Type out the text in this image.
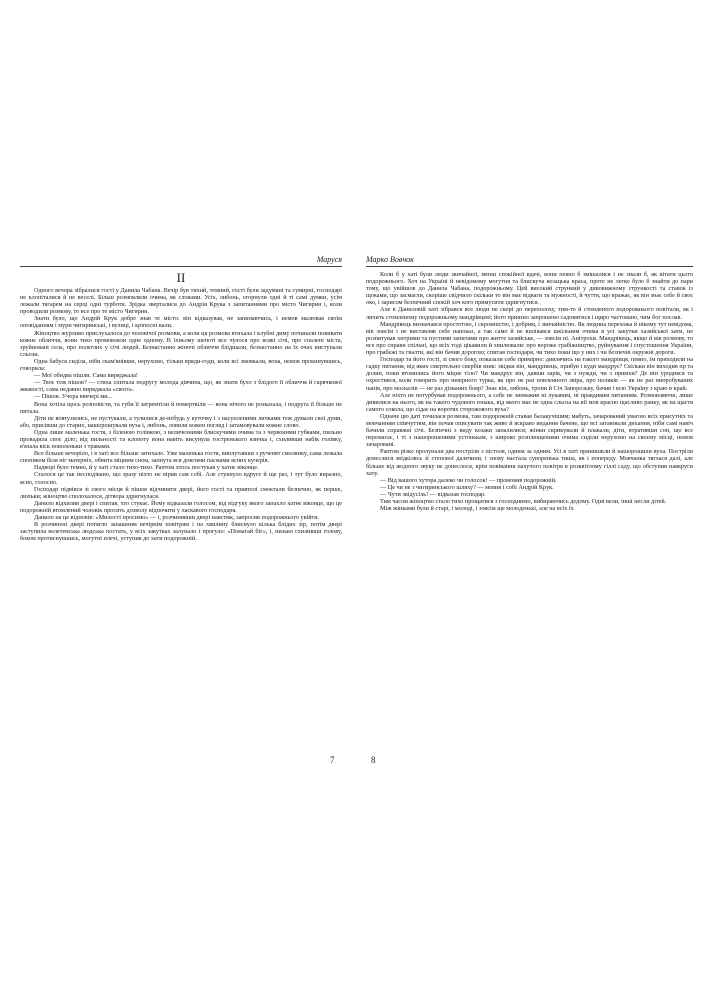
Маруся
II

Одного вечора зібралися гості у Данила Чабана. Вечір був тихий, темний, гості були задумані та сумирні, господарі не клопіталися й не веселі. Більш розмовляли очима, як словами. Усіх, либонь, огорнули одні й ті самі думки, усім лежали тягарем на серці одні турботи. Зрідка зверталися до Андрія Крука з запитаннями про місто Чигирин і, коли проводили розмову, то все про те місто Чигирин.

Знати було, що Андрій Крук добре знав те місто: він відказував, не запинаючись, і немов малював своїм оповіданням і мури чигиринські, і вулиці, і кріпосні вали.

Жіноцтво журливо прислухалося до чоловічої розмови, а коли ця розмова втихала і клубні диму починали повивати кожне обличчя, вони тихо промовляли одне одному. В їхньому шепоті все чулося про всякі січі, про спалені міста, зруйновані села, про полеглих у січі людей. Безнастанно жіночі обличчя блідшали, безнастанно на їх очах виступали сльози.

Одна бабуся сиділа, ніби скам'янівши, нерухомо, тільки вряди-годи, коли всі змовкали, вона, немов прокинувшись, говорила:

— Мої обидва пішли. Сама виряджала!

— Твоє теж пішов? — стиха спитала подругу молода дівчина, що, як знати було з блідого її обличчя й гарячкової жвавості, сама недавно виряджала «свого».

— Пішов. Учора ввечері ми...

Вона хотіла щось розповісти, та губи її затремтіли й помертвіли — вона нічого не розказала, і подруга її більше не питала.

Діти не вовтузились, не пустували, а тулилися де-небудь у куточку і з насупленими личками теж думали свої думи, або, присівши до старих, нашорошували вуха і, либонь, ловили кожен погляд і затамовували кожне слово.

Одна лише маленька гостя, з біленою голівкою, з величезними блискучими очима та з червоними губками, пильно провадила своє діло; від пильності та клопоту вона навіть висунула гостренького язичка і, схиливши набік голівку, в'язала віск поволеньки з травами.

Все більше вечоріло, і в хаті все більше затихало. Уже маленька гостя, виплутавши з рученят смолянку, сама лежала снопиком біля ніг матерніх, обвита міцним сном, запнута вся довгими пасмами ясних кучерів.

Надворі було темно, й у хаті стало тихо-тихо. Раптом хтось постукав у хатнє віконце.

Сталося це так несподівано, що зразу ніхто не вірив сам собі. Але стукнуло вдруге й ще раз, і тут було виразно, ясно, голосно.

Господар підвівся зі свого місця й пішов відчинити двері, його гості та приятелі смоктали безпечно, як перше, люльки; жіноцтво сполохалося, дітвора здригнулася.

Данило відхилив двері і спитав, хто стукає. Йому відказали голосом, від відгуку якого запахло хатнє віконце, що це подорожній втомлений чоловік просить дозволу відпочити у ласкавого господаря.

Данило на це відповів: «Милості просимо» — і, розчинивши двері навстяж, запросив подорожнього увійти.

В розчинені двері потягло запашним вечірнім повітрям і на хвилину блиснуло кілька блідих зір, потім двері заступила велетенська людська постать, у всіх закутках залунало і прогуло: «Помагай біг», і, низько схиливши голову, боком протиснувшись, могутні плечі, уступив до хати подорожній.

7
Марко Вовчок

Коли б у хаті були люди звичайної, менш спокійної вдачі, вони певно б змішалися і не знали б, як вітати цього подорожнього. Хоч на Україні й невідомому могутня та блискуча козацька краса, проте не легко було б знайти до пари тому, що увійшов до Данила Чабана, подорожньому. Цей високий стрункий у дивовижному стрункості та ставок із щоками, що засмагли, скоріше свідчило скільки то він має відваги та мужності, й чуття, що вражає, як він знає себе й своє око, і зарисом безпечний спокій хоч кого примусити здригнутися.

Але в Даниловій хаті зібрався все люди не скорі до переполоху, тим-то й стомленого подорожнього повітали, як і личить стомленому подорожньому мандрівцеві; його приязно запрошено садовитися і щиро частовано, чим бог послав.

Мандрівець визначався простотою, і скромністю, і добрим, і звичайністю. Як людина перехожа й нікому тут невідома, вів зовсім і не виставляв себе напоказ, а так само й не вплівався шкільним очима в усі закутки хазяйської хати, не розпитував хитрими та пустими запитами про житте хазяйське, — зовсім ні. Анітрохи. Мандрівець, якщо й вів розмову, то все про справи спільні, що всіх тоді цікавили й хвилювали: про вороже грабіжництво, руйнування і спустошення України, про грабежі та гвалти, які він бачив дорогою; спитав господаря, чи тихо поки що у них і чи безпечні окружні дороги.

Господар та його гості, зі свого боку, показали себе примірно: дивлячись на такого мандрівця, певно, їм приходили на гадку питання, від яких смертельно свербів язик: звідки він, мандрівець, прибув і куди мандрує? Скільки він виходив пр та долин, поки втомились його міцне тіло? Чи мандрує він, давши зарік, чи з нужди, чи з примхи? Де він уродився та охрестився, коли говорить про невірного турка, як про не раз повленного звіра, про поляків — як не раз випробуваних панів, про москалів — не раз дізнаних бояр? Знає він, либонь, тропи й Січ Запорозьку, бачив і всю Україну з краю в край.

Але ніхто не потурбував подорожнього, а себе не зневажив ні лукавим, ні правдивим питанням. Розмовляючи, лише дивилися на нього, як на такого чудового юнака, від якого має не одна сльоза на вії мов красно щасливо ранку, як на щастя самого сокола, що сідає на воротях сторожового вуха?

Одначе цю даті точилася розмова, там подорожній ставав балакучішим; мабуть, зачарований увагою всіх присутніх та мовчанням співчуттям, він почав описувати так живо й яскраво видання бачене, що всі затаювали дихання, ніби самі навіч бачили справжні січі. Безпечні з виду козаки запалилися; жінки скрикували й плакали, діти, втративши сон, що все перемагає, і ті з нашорошеними устонькам, з широко розплющеними очима сиділи нерухомо на своєму місці, немов зачаровані.

Раптом різко пролунали два постріли з пістоля, одним за одним. Усі в хаті принишкли й нашорошили вуха. Постріли донеслися звідкілясь зі степової далечини, і знову настала суворенька тиша, як і попереду. Мовчанка тяглася далі, але більше від жодного звуку не донеслося, крім повівання пахучого повітря в розквітлому гіллі саду, що обступив навкруги хату.

— Від вашого хутора далеко чи голосок! — промовив подорожній.

— Це чи не з чигиринського шляху? — мовив і собі Андрій Крук.

— Чути звідусіль! — відказав господар.

Тим часом жіноцтво стало тихо прощатися з господинею, вибираючись додому. Одні вели, інші несли дітей.

Між жінками були й старі, і молоді, і зовсім ще молоденькі, але на всіх їх

8
